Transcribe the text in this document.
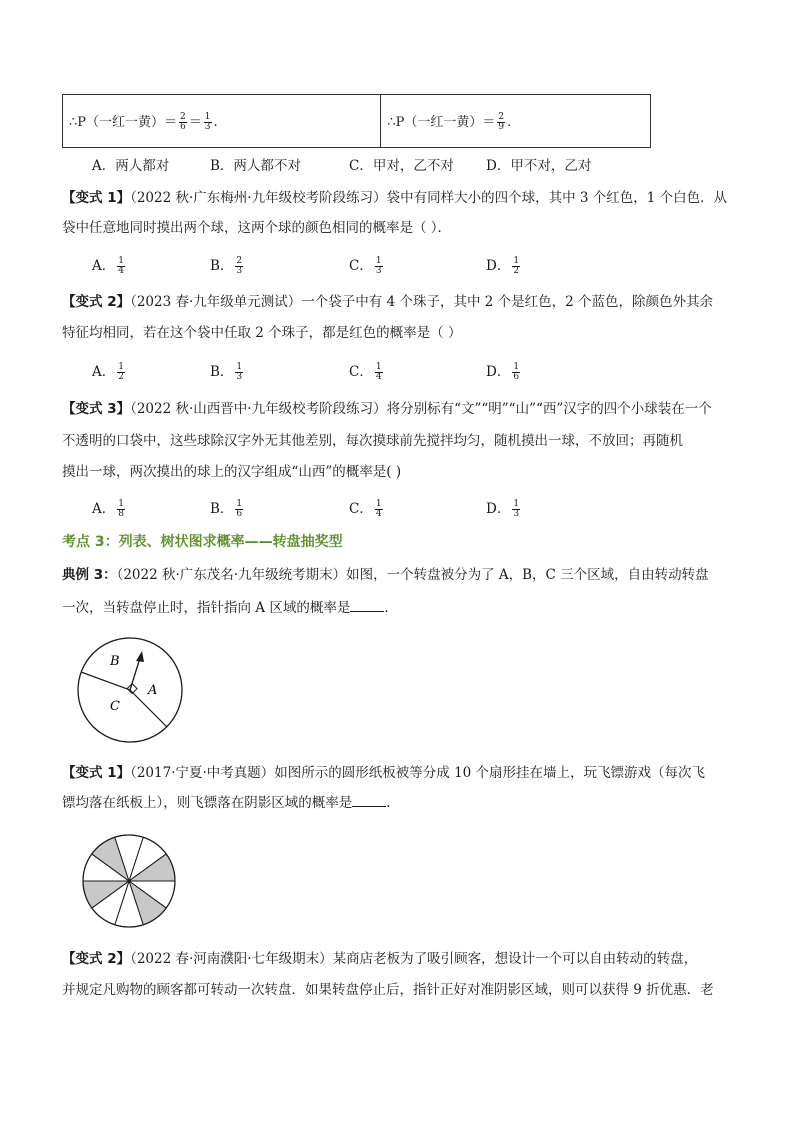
∴P（一红一黄）＝ $\frac{2}{6} = \frac{1}{3}$ .	∴P（一红一黄）＝ $\frac{2}{9}$ .
A．两人都对	B．两人都不对	C．甲对，乙不对 D．甲不对，乙对
【变式 1】（2022 秋·广东梅州·九年级校考阶段练习）袋中有同样大小的四个球，其中 3 个红色，1 个白色．从
袋中任意地同时摸出两个球，这两个球的颜色相同的概率是（ ）．
A． $\frac{1}{4}$	B． $\frac{2}{3}$	C． $\frac{1}{3}$	D． $\frac{1}{2}$
【变式 2】（2023 春·九年级单元测试）一个袋子中有 4 个珠子，其中 2 个是红色，2 个蓝色，除颜色外其余
特征均相同，若在这个袋中任取 2 个珠子，都是红色的概率是（ ）
A． $\frac{1}{2}$	B． $\frac{1}{3}$	C． $\frac{1}{4}$	D． $\frac{1}{6}$
【变式 3】（2022 秋·山西晋中·九年级校考阶段练习）将分别标有“文”“明”“山”“西”汉字的四个小球装在一个
不透明的口袋中，这些球除汉字外无其他差别，每次摸球前先搅拌均匀，随机摸出一球，不放回；再随机
摸出一球，两次摸出的球上的汉字组成“山西”的概率是( )
A． $\frac{1}{8}$	B． $\frac{1}{6}$	C． $\frac{1}{4}$	D． $\frac{1}{3}$
考点 3：列表、树状图求概率——转盘抽奖型
典例 3：（2022 秋·广东茂名·九年级统考期末）如图，一个转盘被分为了 A，B，C 三个区域，自由转动转盘
一次，当转盘停止时，指针指向 A 区域的概率是	．
B
A
C
【变式 1】（2017·宁夏·中考真题）如图所示的圆形纸板被等分成 10 个扇形挂在墙上，玩飞镖游戏（每次飞
镖均落在纸板上），则飞镖落在阴影区域的概率是	．
【变式 2】（2022 春·河南濮阳·七年级期末）某商店老板为了吸引顾客，想设计一个可以自由转动的转盘，
并规定凡购物的顾客都可转动一次转盘．如果转盘停止后，指针正好对准阴影区域，则可以获得 9 折优惠．老
